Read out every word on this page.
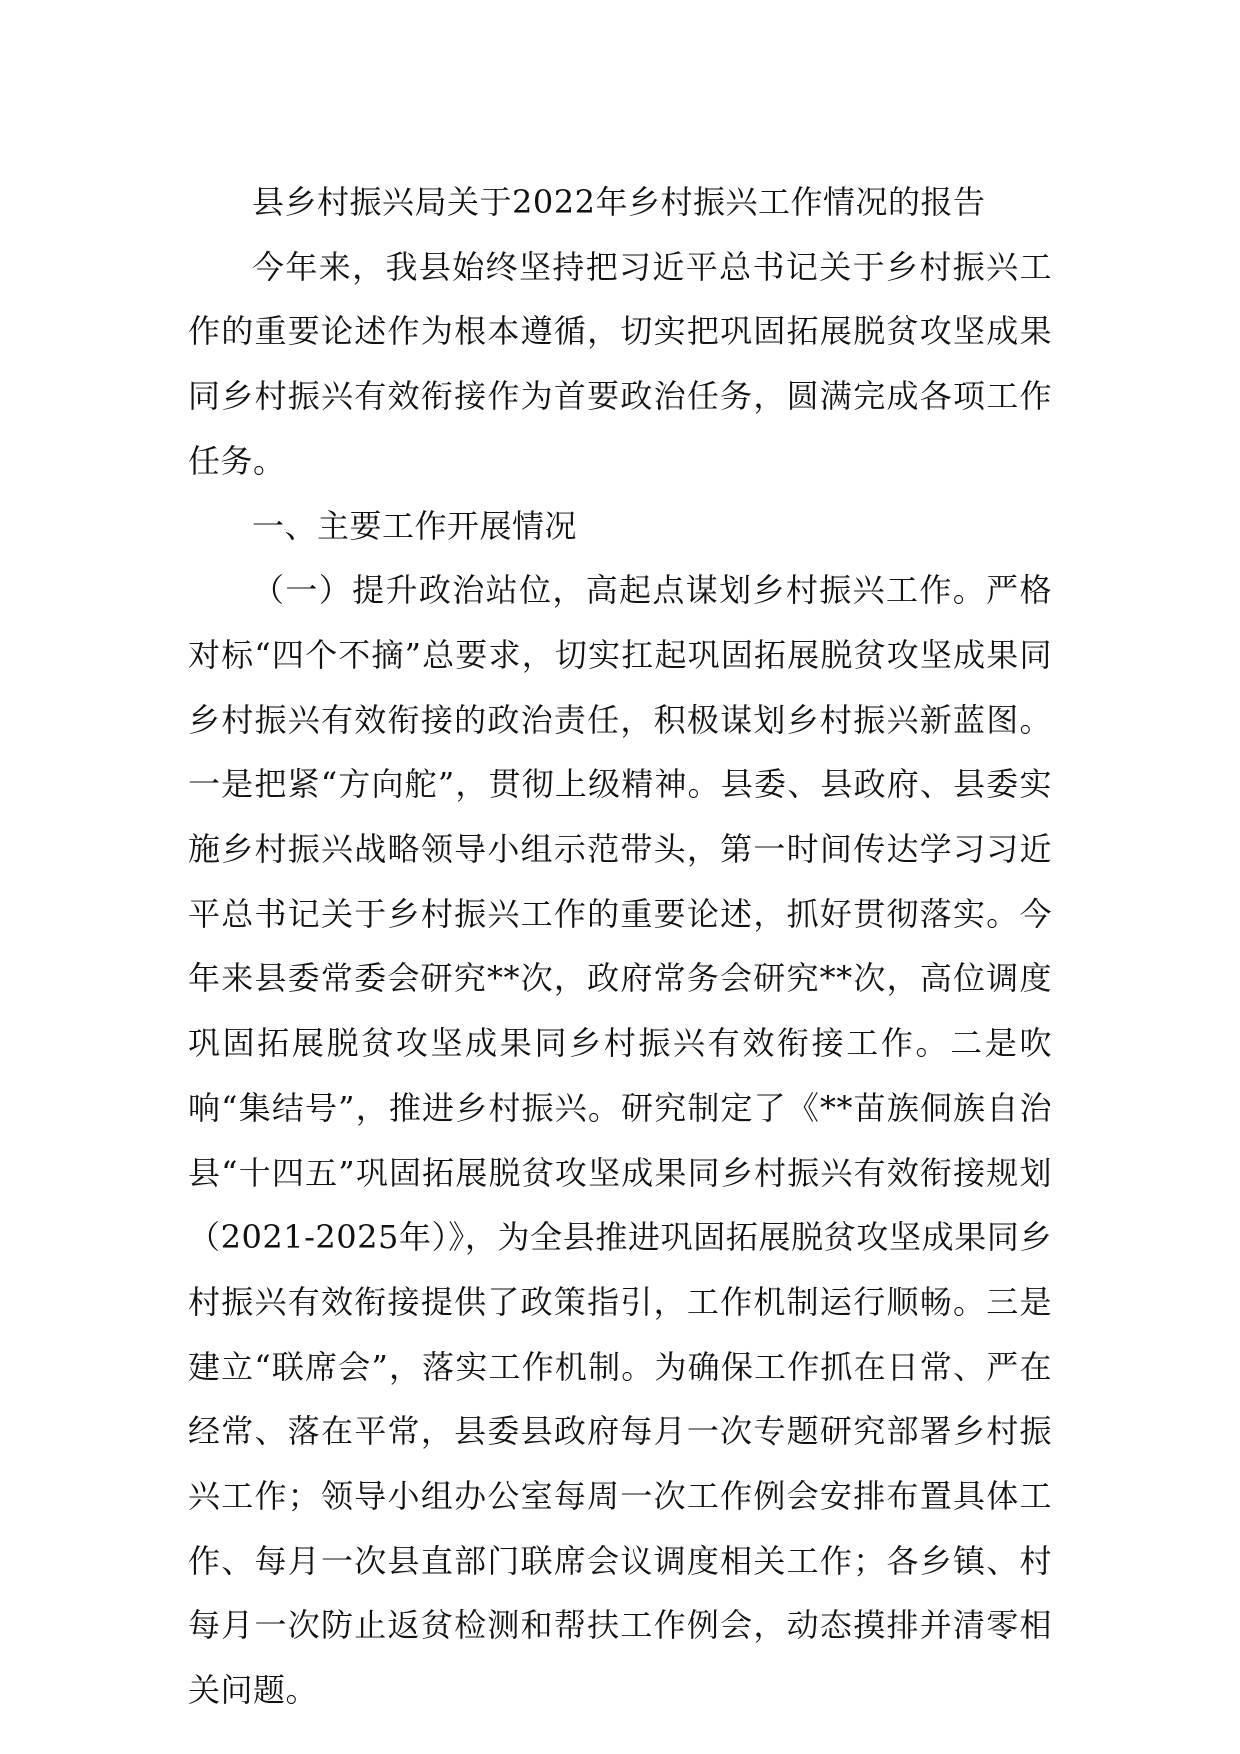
县乡村振兴局关于2022年乡村振兴工作情况的报告

今年来，我县始终坚持把习近平总书记关于乡村振兴工作的重要论述作为根本遵循，切实把巩固拓展脱贫攻坚成果同乡村振兴有效衔接作为首要政治任务，圆满完成各项工作任务。

一、主要工作开展情况

（一）提升政治站位，高起点谋划乡村振兴工作。严格对标“四个不摘”总要求，切实扛起巩固拓展脱贫攻坚成果同乡村振兴有效衔接的政治责任，积极谋划乡村振兴新蓝图。一是把紧“方向舵”，贯彻上级精神。县委、县政府、县委实施乡村振兴战略领导小组示范带头，第一时间传达学习习近平总书记关于乡村振兴工作的重要论述，抓好贯彻落实。今年来县委常委会研究**次，政府常务会研究**次，高位调度巩固拓展脱贫攻坚成果同乡村振兴有效衔接工作。二是吹响“集结号”，推进乡村振兴。研究制定了《**苗族侗族自治县“十四五”巩固拓展脱贫攻坚成果同乡村振兴有效衔接规划（2021-2025年）》，为全县推进巩固拓展脱贫攻坚成果同乡村振兴有效衔接提供了政策指引，工作机制运行顺畅。三是建立“联席会”，落实工作机制。为确保工作抓在日常、严在经常、落在平常，县委县政府每月一次专题研究部署乡村振兴工作；领导小组办公室每周一次工作例会安排布置具体工作、每月一次县直部门联席会议调度相关工作；各乡镇、村每月一次防止返贫检测和帮扶工作例会，动态摸排并清零相关问题。
